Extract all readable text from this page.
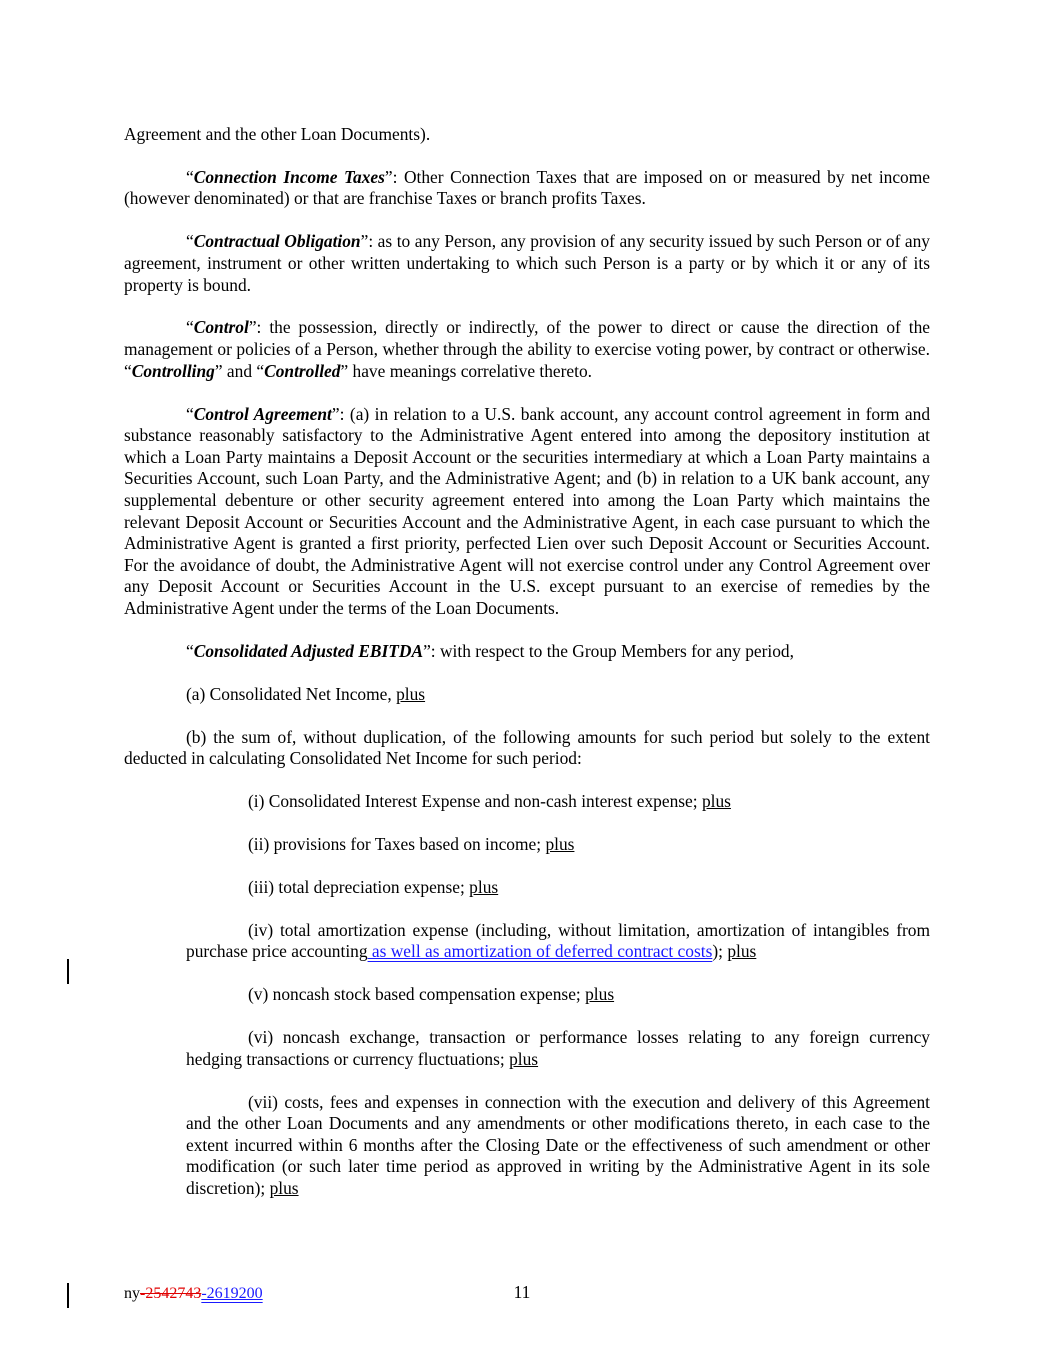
Agreement and the other Loan Documents).

“Connection Income Taxes”: Other Connection Taxes that are imposed on or measured by net income (however denominated) or that are franchise Taxes or branch profits Taxes.

“Contractual Obligation”: as to any Person, any provision of any security issued by such Person or of any agreement, instrument or other written undertaking to which such Person is a party or by which it or any of its property is bound.

“Control”: the possession, directly or indirectly, of the power to direct or cause the direction of the management or policies of a Person, whether through the ability to exercise voting power, by contract or otherwise. “Controlling” and “Controlled” have meanings correlative thereto.

“Control Agreement”: (a) in relation to a U.S. bank account, any account control agreement in form and substance reasonably satisfactory to the Administrative Agent entered into among the depository institution at which a Loan Party maintains a Deposit Account or the securities intermediary at which a Loan Party maintains a Securities Account, such Loan Party, and the Administrative Agent; and (b) in relation to a UK bank account, any supplemental debenture or other security agreement entered into among the Loan Party which maintains the relevant Deposit Account or Securities Account and the Administrative Agent, in each case pursuant to which the Administrative Agent is granted a first priority, perfected Lien over such Deposit Account or Securities Account. For the avoidance of doubt, the Administrative Agent will not exercise control under any Control Agreement over any Deposit Account or Securities Account in the U.S. except pursuant to an exercise of remedies by the Administrative Agent under the terms of the Loan Documents.

“Consolidated Adjusted EBITDA”: with respect to the Group Members for any period,

(a) Consolidated Net Income, plus

(b) the sum of, without duplication, of the following amounts for such period but solely to the extent deducted in calculating Consolidated Net Income for such period:

(i) Consolidated Interest Expense and non-cash interest expense; plus

(ii) provisions for Taxes based on income; plus

(iii) total depreciation expense; plus

(iv) total amortization expense (including, without limitation, amortization of intangibles from purchase price accounting as well as amortization of deferred contract costs); plus

(v) noncash stock based compensation expense; plus

(vi) noncash exchange, transaction or performance losses relating to any foreign currency hedging transactions or currency fluctuations; plus

(vii) costs, fees and expenses in connection with the execution and delivery of this Agreement and the other Loan Documents and any amendments or other modifications thereto, in each case to the extent incurred within 6 months after the Closing Date or the effectiveness of such amendment or other modification (or such later time period as approved in writing by the Administrative Agent in its sole discretion); plus

ny-2542743-2619200	11
